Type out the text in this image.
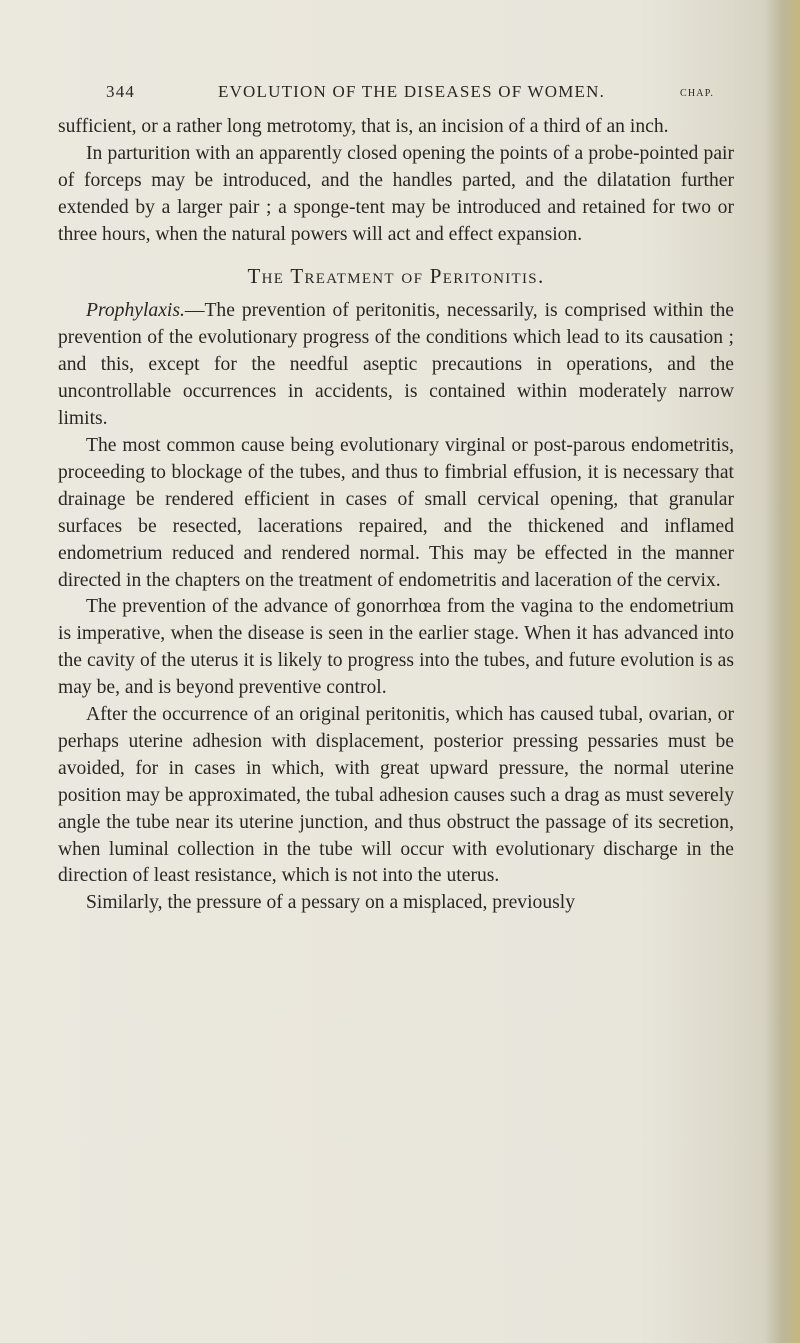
344	EVOLUTION OF THE DISEASES OF WOMEN.	CHAP.

sufficient, or a rather long metrotomy, that is, an incision of a third of an inch.

In parturition with an apparently closed opening the points of a probe-pointed pair of forceps may be introduced, and the handles parted, and the dilatation further extended by a larger pair ; a sponge-tent may be introduced and retained for two or three hours, when the natural powers will act and effect expansion.

The Treatment of Peritonitis.

Prophylaxis.—The prevention of peritonitis, necessarily, is comprised within the prevention of the evolutionary progress of the conditions which lead to its causation ; and this, except for the needful aseptic precautions in operations, and the uncontrollable occurrences in accidents, is contained within moderately narrow limits.

The most common cause being evolutionary virginal or post-parous endometritis, proceeding to blockage of the tubes, and thus to fimbrial effusion, it is necessary that drainage be rendered efficient in cases of small cervical opening, that granular surfaces be resected, lacerations repaired, and the thickened and inflamed endometrium reduced and rendered normal. This may be effected in the manner directed in the chapters on the treatment of endometritis and laceration of the cervix.

The prevention of the advance of gonorrhœa from the vagina to the endometrium is imperative, when the disease is seen in the earlier stage. When it has advanced into the cavity of the uterus it is likely to progress into the tubes, and future evolution is as may be, and is beyond preventive control.

After the occurrence of an original peritonitis, which has caused tubal, ovarian, or perhaps uterine adhesion with displacement, posterior pressing pessaries must be avoided, for in cases in which, with great upward pressure, the normal uterine position may be approximated, the tubal adhesion causes such a drag as must severely angle the tube near its uterine junction, and thus obstruct the passage of its secretion, when luminal collection in the tube will occur with evolutionary discharge in the direction of least resistance, which is not into the uterus.

Similarly, the pressure of a pessary on a misplaced, previously
